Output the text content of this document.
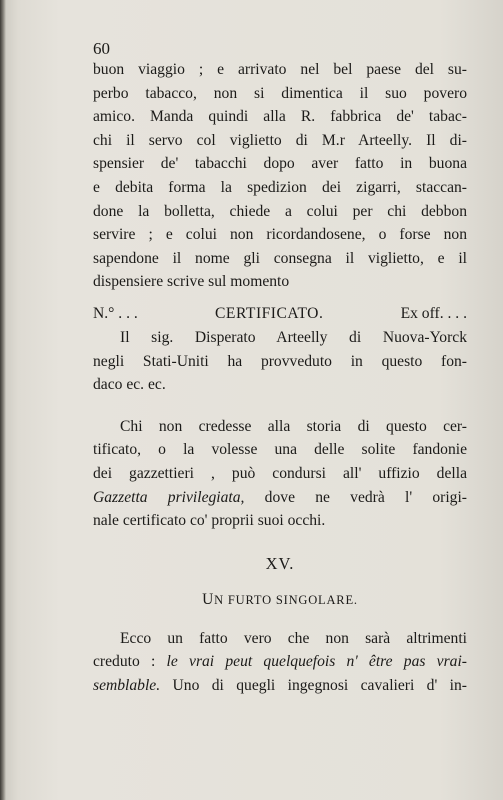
60
buon viaggio ; e arrivato nel bel paese del su-
perbo tabacco, non si dimentica il suo povero
amico. Manda quindi alla R. fabbrica de' tabac-
chi il servo col viglietto di M.r Arteelly. Il di-
spensier de' tabacchi dopo aver fatto in buona
e debita forma la spedizion dei zigarri, staccan-
done la bolletta, chiede a colui per chi debbon
servire ; e colui non ricordandosene, o forse non
sapendone il nome gli consegna il viglietto, e il
dispensiere scrive sul momento
N.° . . .	CERTIFICATO.	Ex off. . . .
Il sig. Disperato Arteelly di Nuova-Yorck
negli Stati-Uniti ha provveduto in questo fon-
daco ec. ec.
Chi non credesse alla storia di questo cer-
tificato, o la volesse una delle solite fandonie
dei gazzettieri , può condursi all' uffizio della
Gazzetta privilegiata, dove ne vedrà l' origi-
nale certificato co' proprii suoi occhi.
XV.
UN FURTO SINGOLARE.
Ecco un fatto vero che non sarà altrimenti
creduto : le vrai peut quelquefois n' être pas vrai-
semblable. Uno di quegli ingegnosi cavalieri d' in-
